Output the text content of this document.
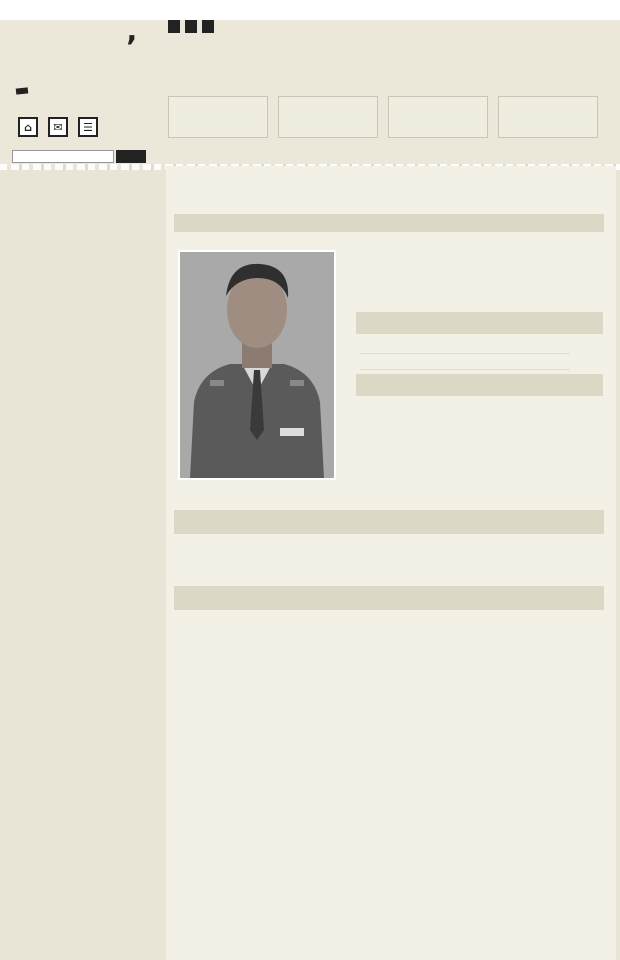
’
⌂	✉	☰
